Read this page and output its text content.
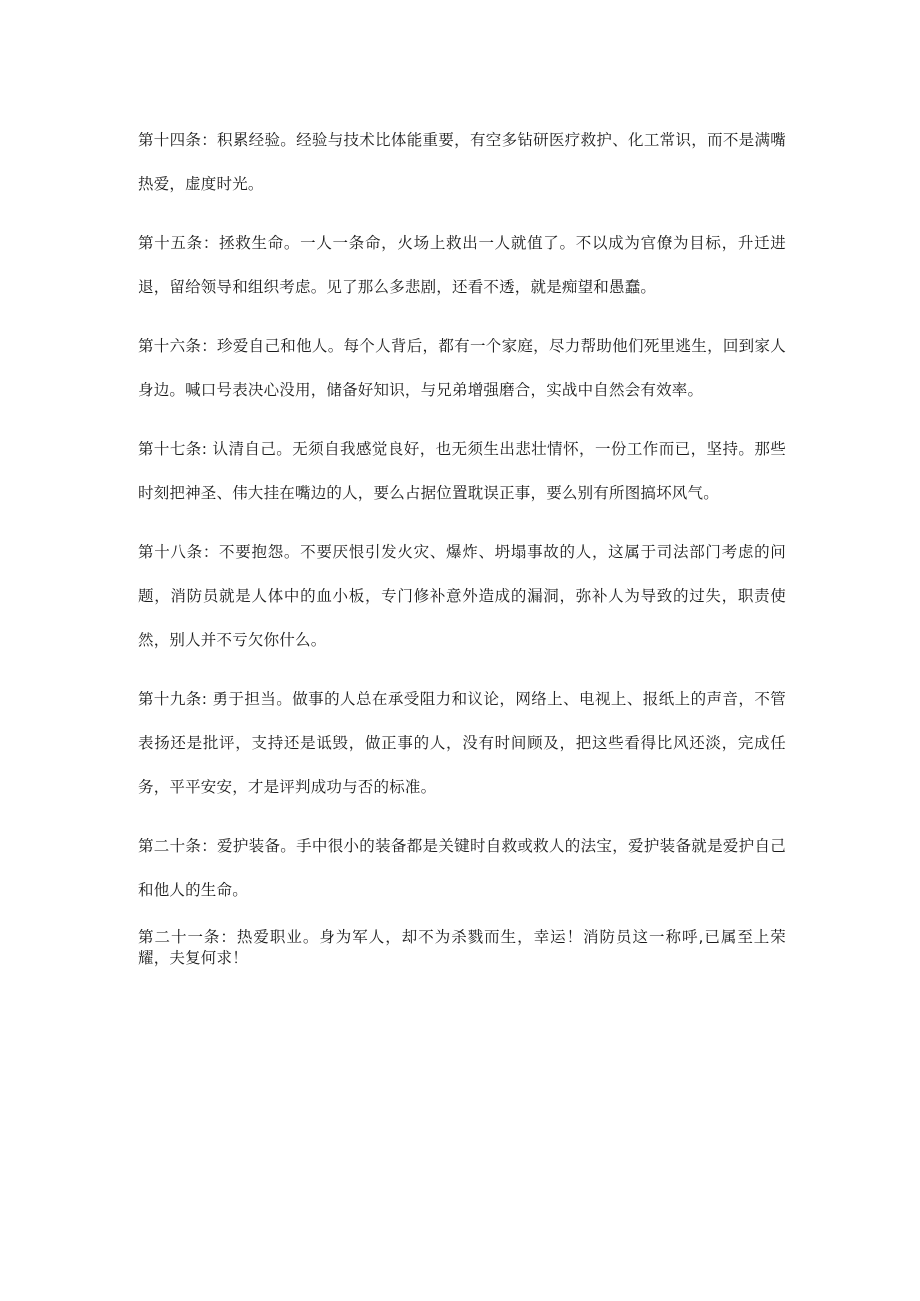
第十四条：积累经验。经验与技术比体能重要，有空多钻研医疗救护、化工常识，而不是满嘴热爱，虚度时光。

第十五条：拯救生命。一人一条命，火场上救出一人就值了。不以成为官僚为目标，升迁进退，留给领导和组织考虑。见了那么多悲剧，还看不透，就是痴望和愚蠢。

第十六条：珍爱自己和他人。每个人背后，都有一个家庭，尽力帮助他们死里逃生，回到家人身边。喊口号表决心没用，储备好知识，与兄弟增强磨合，实战中自然会有效率。

第十七条: 认清自己。无须自我感觉良好，也无须生出悲壮情怀，一份工作而已，坚持。那些时刻把神圣、伟大挂在嘴边的人，要么占据位置耽误正事，要么别有所图搞坏风气。

第十八条：不要抱怨。不要厌恨引发火灾、爆炸、坍塌事故的人，这属于司法部门考虑的问题，消防员就是人体中的血小板，专门修补意外造成的漏洞，弥补人为导致的过失，职责使然，别人并不亏欠你什么。

第十九条: 勇于担当。做事的人总在承受阻力和议论，网络上、电视上、报纸上的声音，不管表扬还是批评，支持还是诋毁，做正事的人，没有时间顾及，把这些看得比风还淡，完成任务，平平安安，才是评判成功与否的标准。

第二十条：爱护装备。手中很小的装备都是关键时自救或救人的法宝，爱护装备就是爱护自己和他人的生命。

第二十一条：热爱职业。身为军人，却不为杀戮而生，幸运！消防员这一称呼,已属至上荣耀，夫复何求！
